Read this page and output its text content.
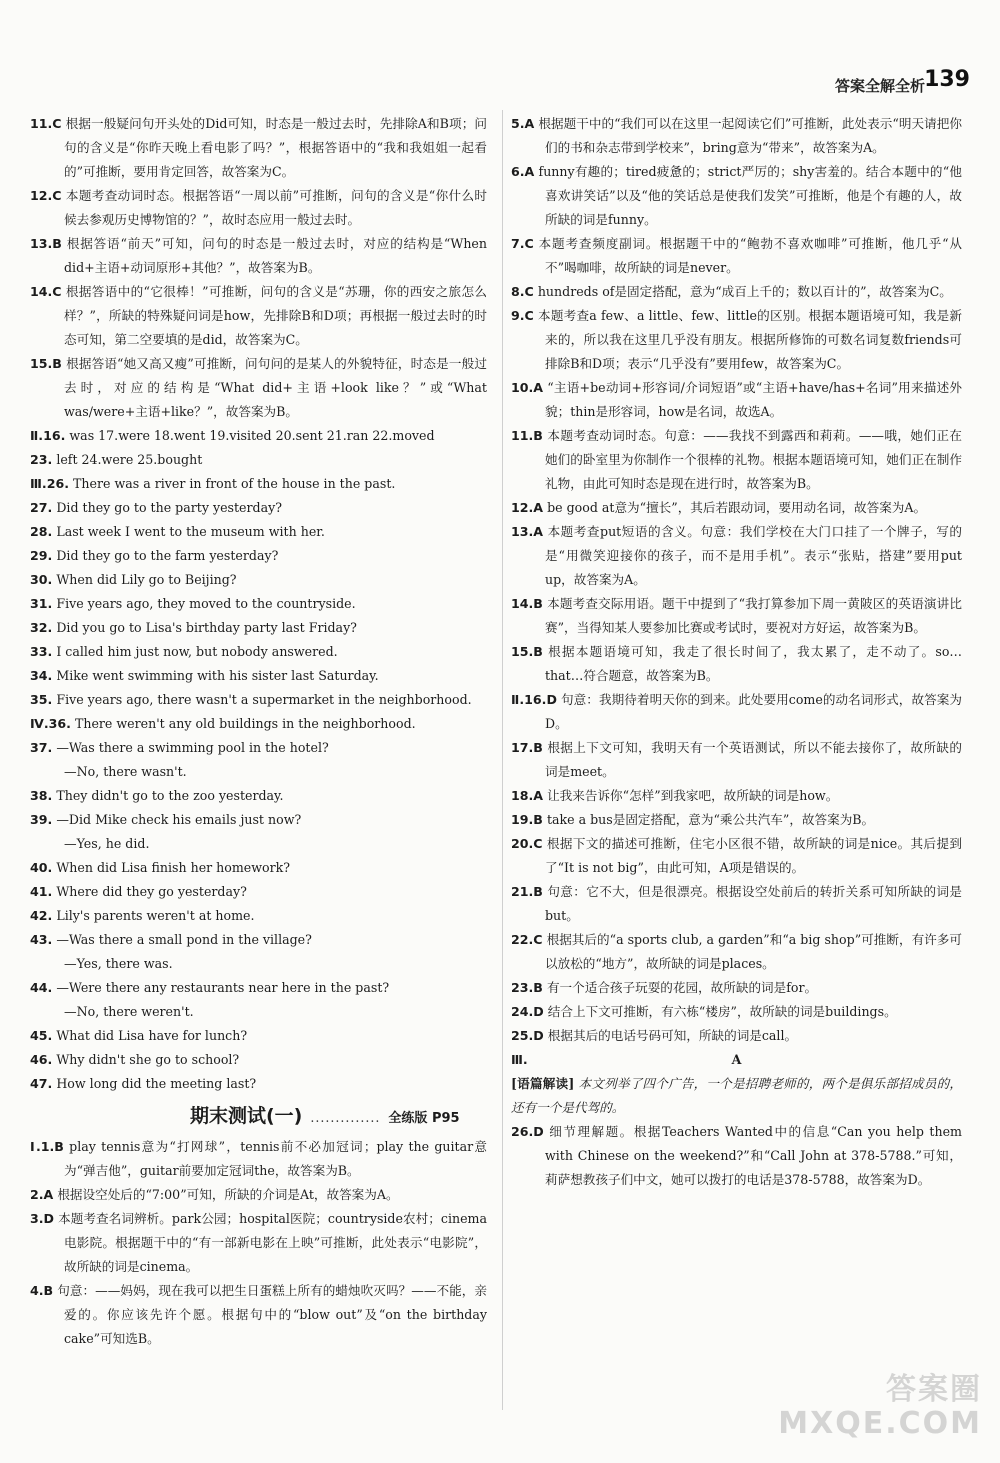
答案全解全析 139

11.C 根据一般疑问句开头处的Did可知，时态是一般过去时，先排除A和B项；问句的含义是“你昨天晚上看电影了吗？”，根据答语中的“我和我姐姐一起看的”可推断，要用肯定回答，故答案为C。

12.C 本题考查动词时态。根据答语“一周以前”可推断，问句的含义是“你什么时候去参观历史博物馆的？”，故时态应用一般过去时。

13.B 根据答语“前天”可知，问句的时态是一般过去时，对应的结构是“When did+主语+动词原形+其他？”，故答案为B。

14.C 根据答语中的“它很棒！”可推断，问句的含义是“苏珊，你的西安之旅怎么样？”，所缺的特殊疑问词是how，先排除B和D项；再根据一般过去时的时态可知，第二空要填的是did，故答案为C。

15.B 根据答语“她又高又瘦”可推断，问句问的是某人的外貌特征，时态是一般过去时，对应的结构是“What did+主语+look like？”或“What was/were+主语+like？”，故答案为B。

Ⅱ.16. was 17.were 18.went 19.visited 20.sent 21.ran 22.moved

23. left 24.were 25.bought

Ⅲ.26. There was a river in front of the house in the past.

27. Did they go to the party yesterday?

28. Last week I went to the museum with her.

29. Did they go to the farm yesterday?

30. When did Lily go to Beijing?

31. Five years ago, they moved to the countryside.

32. Did you go to Lisa's birthday party last Friday?

33. I called him just now, but nobody answered.

34. Mike went swimming with his sister last Saturday.

35. Five years ago, there wasn't a supermarket in the neighborhood.

Ⅳ.36. There weren't any old buildings in the neighborhood.

37. —Was there a swimming pool in the hotel?

—No, there wasn't.

38. They didn't go to the zoo yesterday.

39. —Did Mike check his emails just now?

—Yes, he did.

40. When did Lisa finish her homework?

41. Where did they go yesterday?

42. Lily's parents weren't at home.

43. —Was there a small pond in the village?

—Yes, there was.

44. —Were there any restaurants near here in the past?

—No, there weren't.

45. What did Lisa have for lunch?

46. Why didn't she go to school?

47. How long did the meeting last?

期末测试(一) .............. 全练版 P95

Ⅰ.1.B play tennis意为“打网球”，tennis前不必加冠词；play the guitar意为“弹吉他”，guitar前要加定冠词the，故答案为B。

2.A 根据设空处后的“7:00”可知，所缺的介词是At，故答案为A。

3.D 本题考查名词辨析。park公园；hospital医院；countryside农村；cinema电影院。根据题干中的“有一部新电影在上映”可推断，此处表示“电影院”，故所缺的词是cinema。

4.B 句意：——妈妈，现在我可以把生日蛋糕上所有的蜡烛吹灭吗？——不能，亲爱的。你应该先许个愿。根据句中的“blow out”及“on the birthday cake”可知选B。

5.A 根据题干中的“我们可以在这里一起阅读它们”可推断，此处表示“明天请把你们的书和杂志带到学校来”，bring意为“带来”，故答案为A。

6.A funny有趣的；tired疲惫的；strict严厉的；shy害羞的。结合本题中的“他喜欢讲笑话”以及“他的笑话总是使我们发笑”可推断，他是个有趣的人，故所缺的词是funny。

7.C 本题考查频度副词。根据题干中的“鲍勃不喜欢咖啡”可推断，他几乎“从不”喝咖啡，故所缺的词是never。

8.C hundreds of是固定搭配，意为“成百上千的；数以百计的”，故答案为C。

9.C 本题考查a few、a little、few、little的区别。根据本题语境可知，我是新来的，所以我在这里几乎没有朋友。根据所修饰的可数名词复数friends可排除B和D项；表示“几乎没有”要用few，故答案为C。

10.A “主语+be动词+形容词/介词短语”或“主语+have/has+名词”用来描述外貌；thin是形容词，how是名词，故选A。

11.B 本题考查动词时态。句意：——我找不到露西和莉莉。——哦，她们正在她们的卧室里为你制作一个很棒的礼物。根据本题语境可知，她们正在制作礼物，由此可知时态是现在进行时，故答案为B。

12.A be good at意为“擅长”，其后若跟动词，要用动名词，故答案为A。

13.A 本题考查put短语的含义。句意：我们学校在大门口挂了一个牌子，写的是“用微笑迎接你的孩子，而不是用手机”。表示“张贴，搭建”要用put up，故答案为A。

14.B 本题考查交际用语。题干中提到了“我打算参加下周一黄陂区的英语演讲比赛”，当得知某人要参加比赛或考试时，要祝对方好运，故答案为B。

15.B 根据本题语境可知，我走了很长时间了，我太累了，走不动了。so…that…符合题意，故答案为B。

Ⅱ.16.D 句意：我期待着明天你的到来。此处要用come的动名词形式，故答案为D。

17.B 根据上下文可知，我明天有一个英语测试，所以不能去接你了，故所缺的词是meet。

18.A 让我来告诉你“怎样”到我家吧，故所缺的词是how。

19.B take a bus是固定搭配，意为“乘公共汽车”，故答案为B。

20.C 根据下文的描述可推断，住宅小区很不错，故所缺的词是nice。其后提到了“It is not big”，由此可知，A项是错误的。

21.B 句意：它不大，但是很漂亮。根据设空处前后的转折关系可知所缺的词是but。

22.C 根据其后的“a sports club, a garden”和“a big shop”可推断，有许多可以放松的“地方”，故所缺的词是places。

23.B 有一个适合孩子玩耍的花园，故所缺的词是for。

24.D 结合上下文可推断，有六栋“楼房”，故所缺的词是buildings。

25.D 根据其后的电话号码可知，所缺的词是call。

Ⅲ.	A

[语篇解读] 本文列举了四个广告，一个是招聘老师的，两个是俱乐部招成员的，还有一个是代驾的。

26.D 细节理解题。根据Teachers Wanted中的信息“Can you help them with Chinese on the weekend?”和“Call John at 378-5788.”可知，莉萨想教孩子们中文，她可以拨打的电话是378-5788，故答案为D。

答案圈
MXQE.COM
